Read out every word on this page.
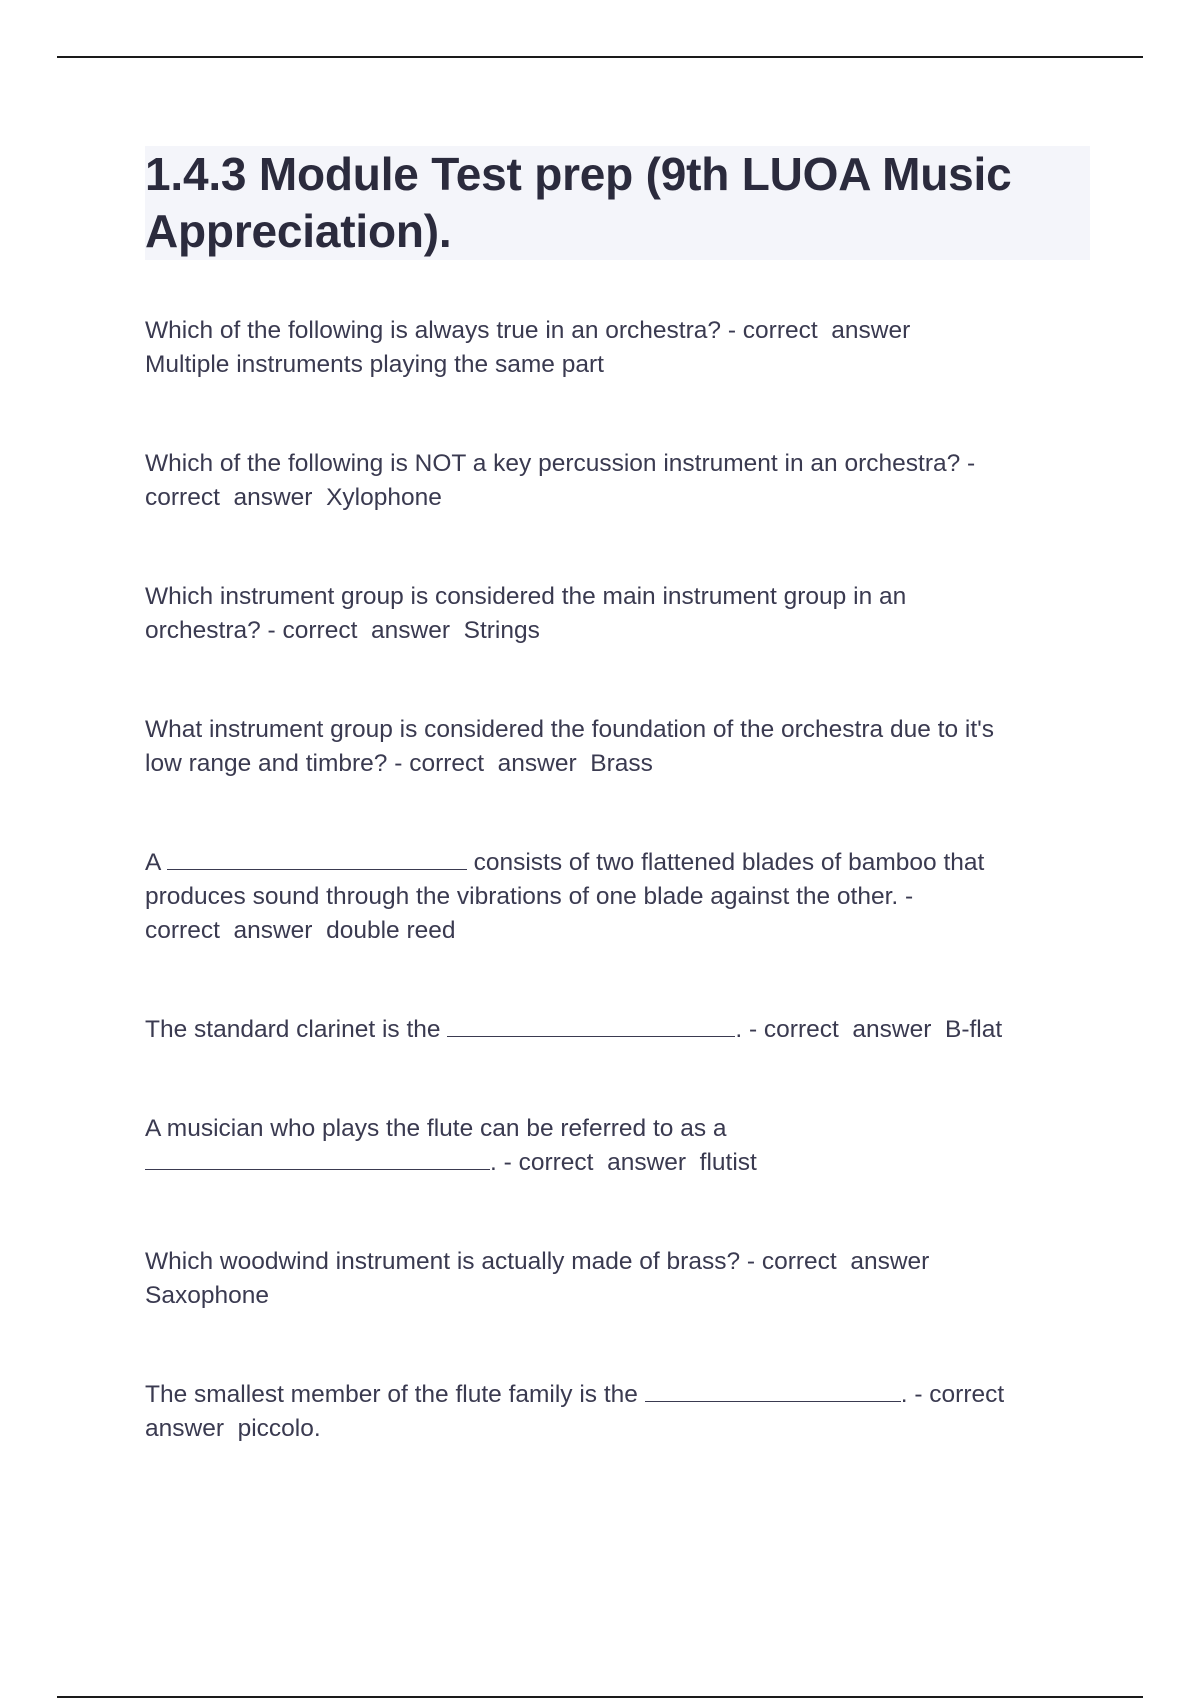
1.4.3 Module Test prep (9th LUOA Music Appreciation).

Which of the following is always true in an orchestra? - correct  answer
Multiple instruments playing the same part

Which of the following is NOT a key percussion instrument in an orchestra? -
correct  answer  Xylophone

Which instrument group is considered the main instrument group in an
orchestra? - correct  answer  Strings

What instrument group is considered the foundation of the orchestra due to it's
low range and timbre? - correct  answer  Brass

A	consists of two flattened blades of bamboo that
produces sound through the vibrations of one blade against the other. -
correct  answer  double reed

The standard clarinet is the	. - correct  answer  B-flat

A musician who plays the flute can be referred to as a
. - correct  answer  flutist

Which woodwind instrument is actually made of brass? - correct  answer
Saxophone

The smallest member of the flute family is the	. - correct
answer  piccolo.
